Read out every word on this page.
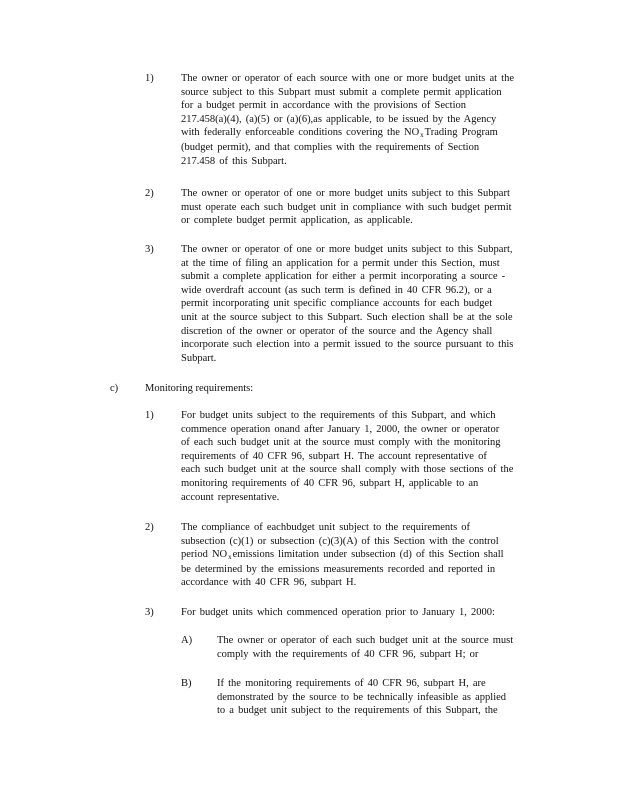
1)	The owner or operator of each source with one or more budget units at the
source subject to this Subpart must submit a complete permit application
for a budget permit in accordance with the provisions of Section
217.458(a)(4), (a)(5) or (a)(6),as applicable, to be issued by the Agency
with federally enforceable conditions covering the NOxTrading Program
(budget permit), and that complies with the requirements of Section
217.458 of this Subpart.
2)	The owner or operator of one or more budget units subject to this Subpart
must operate each such budget unit in compliance with such budget permit
or complete budget permit application, as applicable.
3)	The owner or operator of one or more budget units subject to this Subpart,
at the time of filing an application for a permit under this Section, must
submit a complete application for either a permit incorporating a source -
wide overdraft account (as such term is defined in 40 CFR 96.2), or a
permit incorporating unit specific compliance accounts for each budget
unit at the source subject to this Subpart. Such election shall be at the sole
discretion of the owner or operator of the source and the Agency shall
incorporate such election into a permit issued to the source pursuant to this
Subpart.
c)	Monitoring requirements:
1)	For budget units subject to the requirements of this Subpart, and which
commence operation onand after January 1, 2000, the owner or operator
of each such budget unit at the source must comply with the monitoring
requirements of 40 CFR 96, subpart H. The account representative of
each such budget unit at the source shall comply with those sections of the
monitoring requirements of 40 CFR 96, subpart H, applicable to an
account representative.
2)	The compliance of eachbudget unit subject to the requirements of
subsection (c)(1) or subsection (c)(3)(A) of this Section with the control
period NOxemissions limitation under subsection (d) of this Section shall
be determined by the emissions measurements recorded and reported in
accordance with 40 CFR 96, subpart H.
3)	For budget units which commenced operation prior to January 1, 2000:
A) The owner or operator of each such budget unit at the source must
comply with the requirements of 40 CFR 96, subpart H; or
B) If the monitoring requirements of 40 CFR 96, subpart H, are
demonstrated by the source to be technically infeasible as applied
to a budget unit subject to the requirements of this Subpart, the
